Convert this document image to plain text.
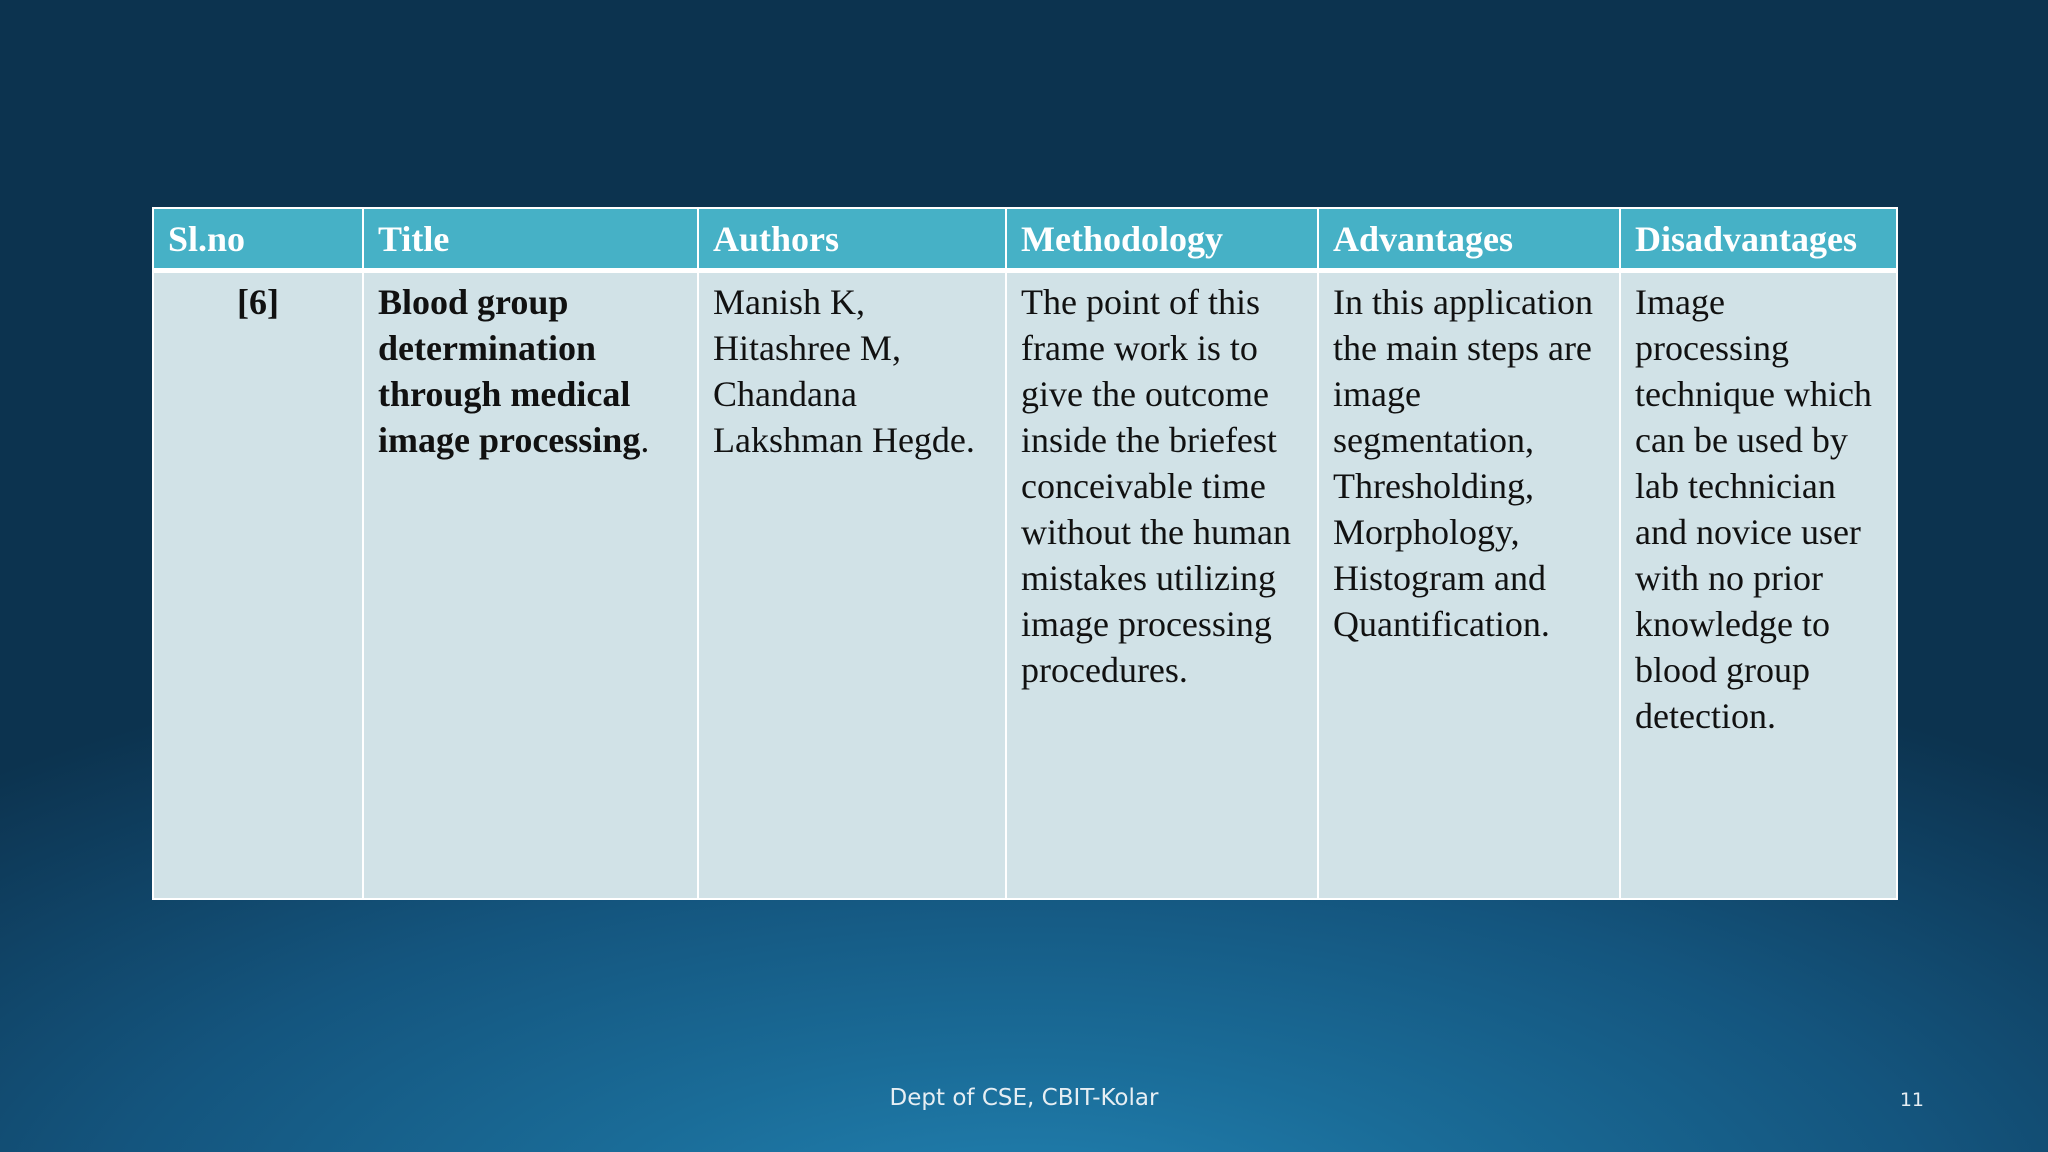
Sl.no	Title	Authors	Methodology	Advantages	Disadvantages
[6]	Blood group determination through medical image processing.	Manish K, Hitashree M, Chandana Lakshman Hegde.	The point of this frame work is to give the outcome inside the briefest conceivable time without the human mistakes utilizing image processing procedures.	In this application the main steps are image segmentation, Thresholding, Morphology, Histogram and Quantification.	Image processing technique which can be used by lab technician and novice user with no prior knowledge to blood group detection.
Dept of CSE, CBIT-Kolar	11
